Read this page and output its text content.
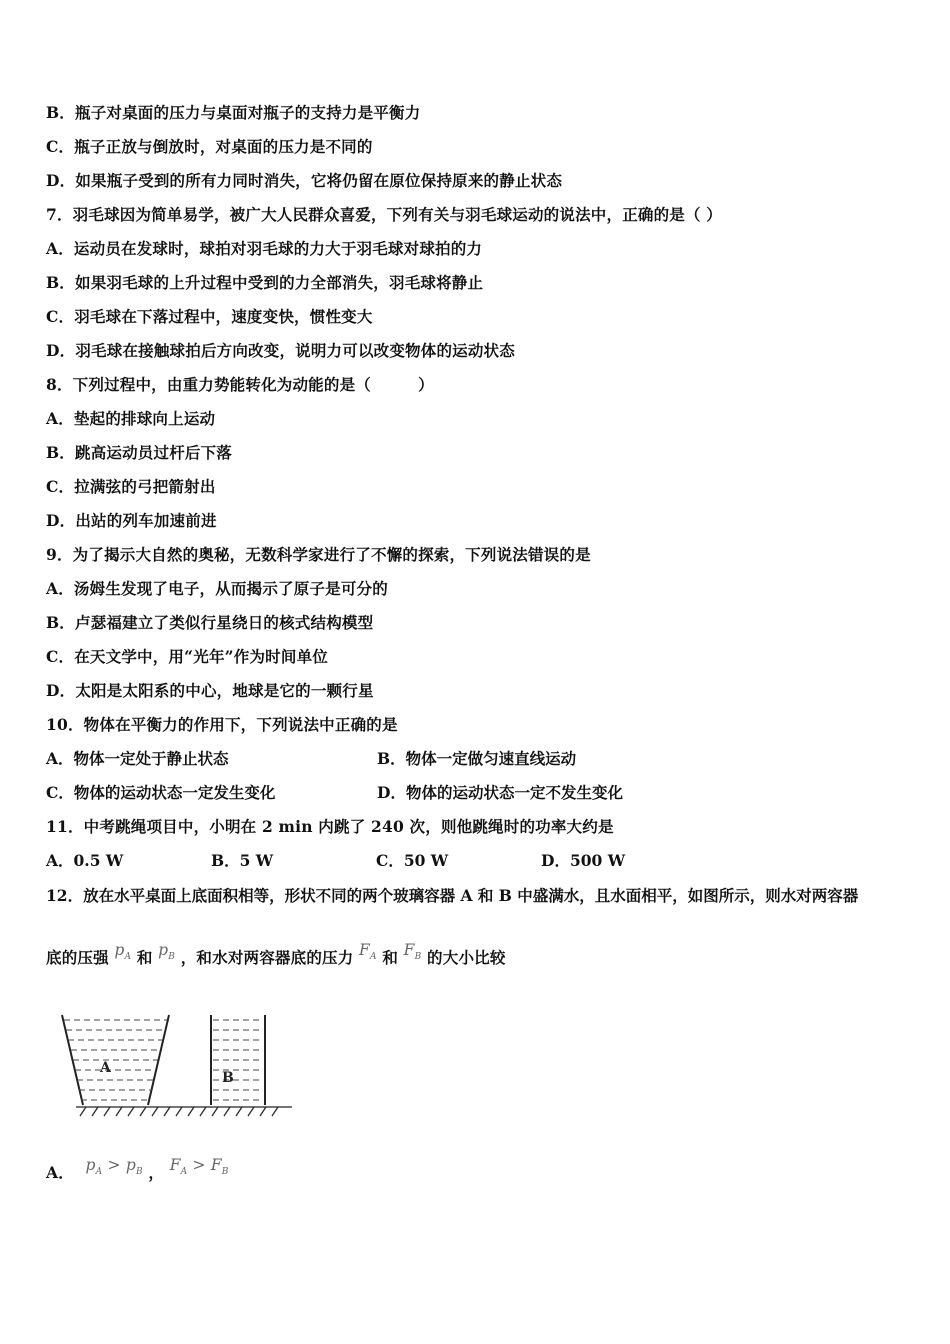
B．瓶子对桌面的压力与桌面对瓶子的支持力是平衡力
C．瓶子正放与倒放时，对桌面的压力是不同的
D．如果瓶子受到的所有力同时消失，它将仍留在原位保持原来的静止状态
7．羽毛球因为简单易学，被广大人民群众喜爱，下列有关与羽毛球运动的说法中，正确的是（ ）
A．运动员在发球时，球拍对羽毛球的力大于羽毛球对球拍的力
B．如果羽毛球的上升过程中受到的力全部消失，羽毛球将静止
C．羽毛球在下落过程中，速度变快，惯性变大
D．羽毛球在接触球拍后方向改变，说明力可以改变物体的运动状态
8．下列过程中，由重力势能转化为动能的是（　　　）
A．垫起的排球向上运动
B．跳高运动员过杆后下落
C．拉满弦的弓把箭射出
D．出站的列车加速前进
9．为了揭示大自然的奥秘，无数科学家进行了不懈的探索，下列说法错误的是
A．汤姆生发现了电子，从而揭示了原子是可分的
B．卢瑟福建立了类似行星绕日的核式结构模型
C．在天文学中，用“光年”作为时间单位
D．太阳是太阳系的中心，地球是它的一颗行星
10．物体在平衡力的作用下，下列说法中正确的是
A．物体一定处于静止状态	B．物体一定做匀速直线运动
C．物体的运动状态一定发生变化	D．物体的运动状态一定不发生变化
11．中考跳绳项目中，小明在 2 min 内跳了 240 次，则他跳绳时的功率大约是
A．0.5 W	B．5 W	C．50 W	D．500 W
12．放在水平桌面上底面积相等，形状不同的两个玻璃容器 A 和 B 中盛满水，且水面相平，如图所示，则水对两容器
底的压强 $p_A$ 和 $p_B$ ，和水对两容器底的压力 $F_A$ 和 $F_B$ 的大小比较
A
B
A． $p_A > p_B$ ， $F_A > F_B$
